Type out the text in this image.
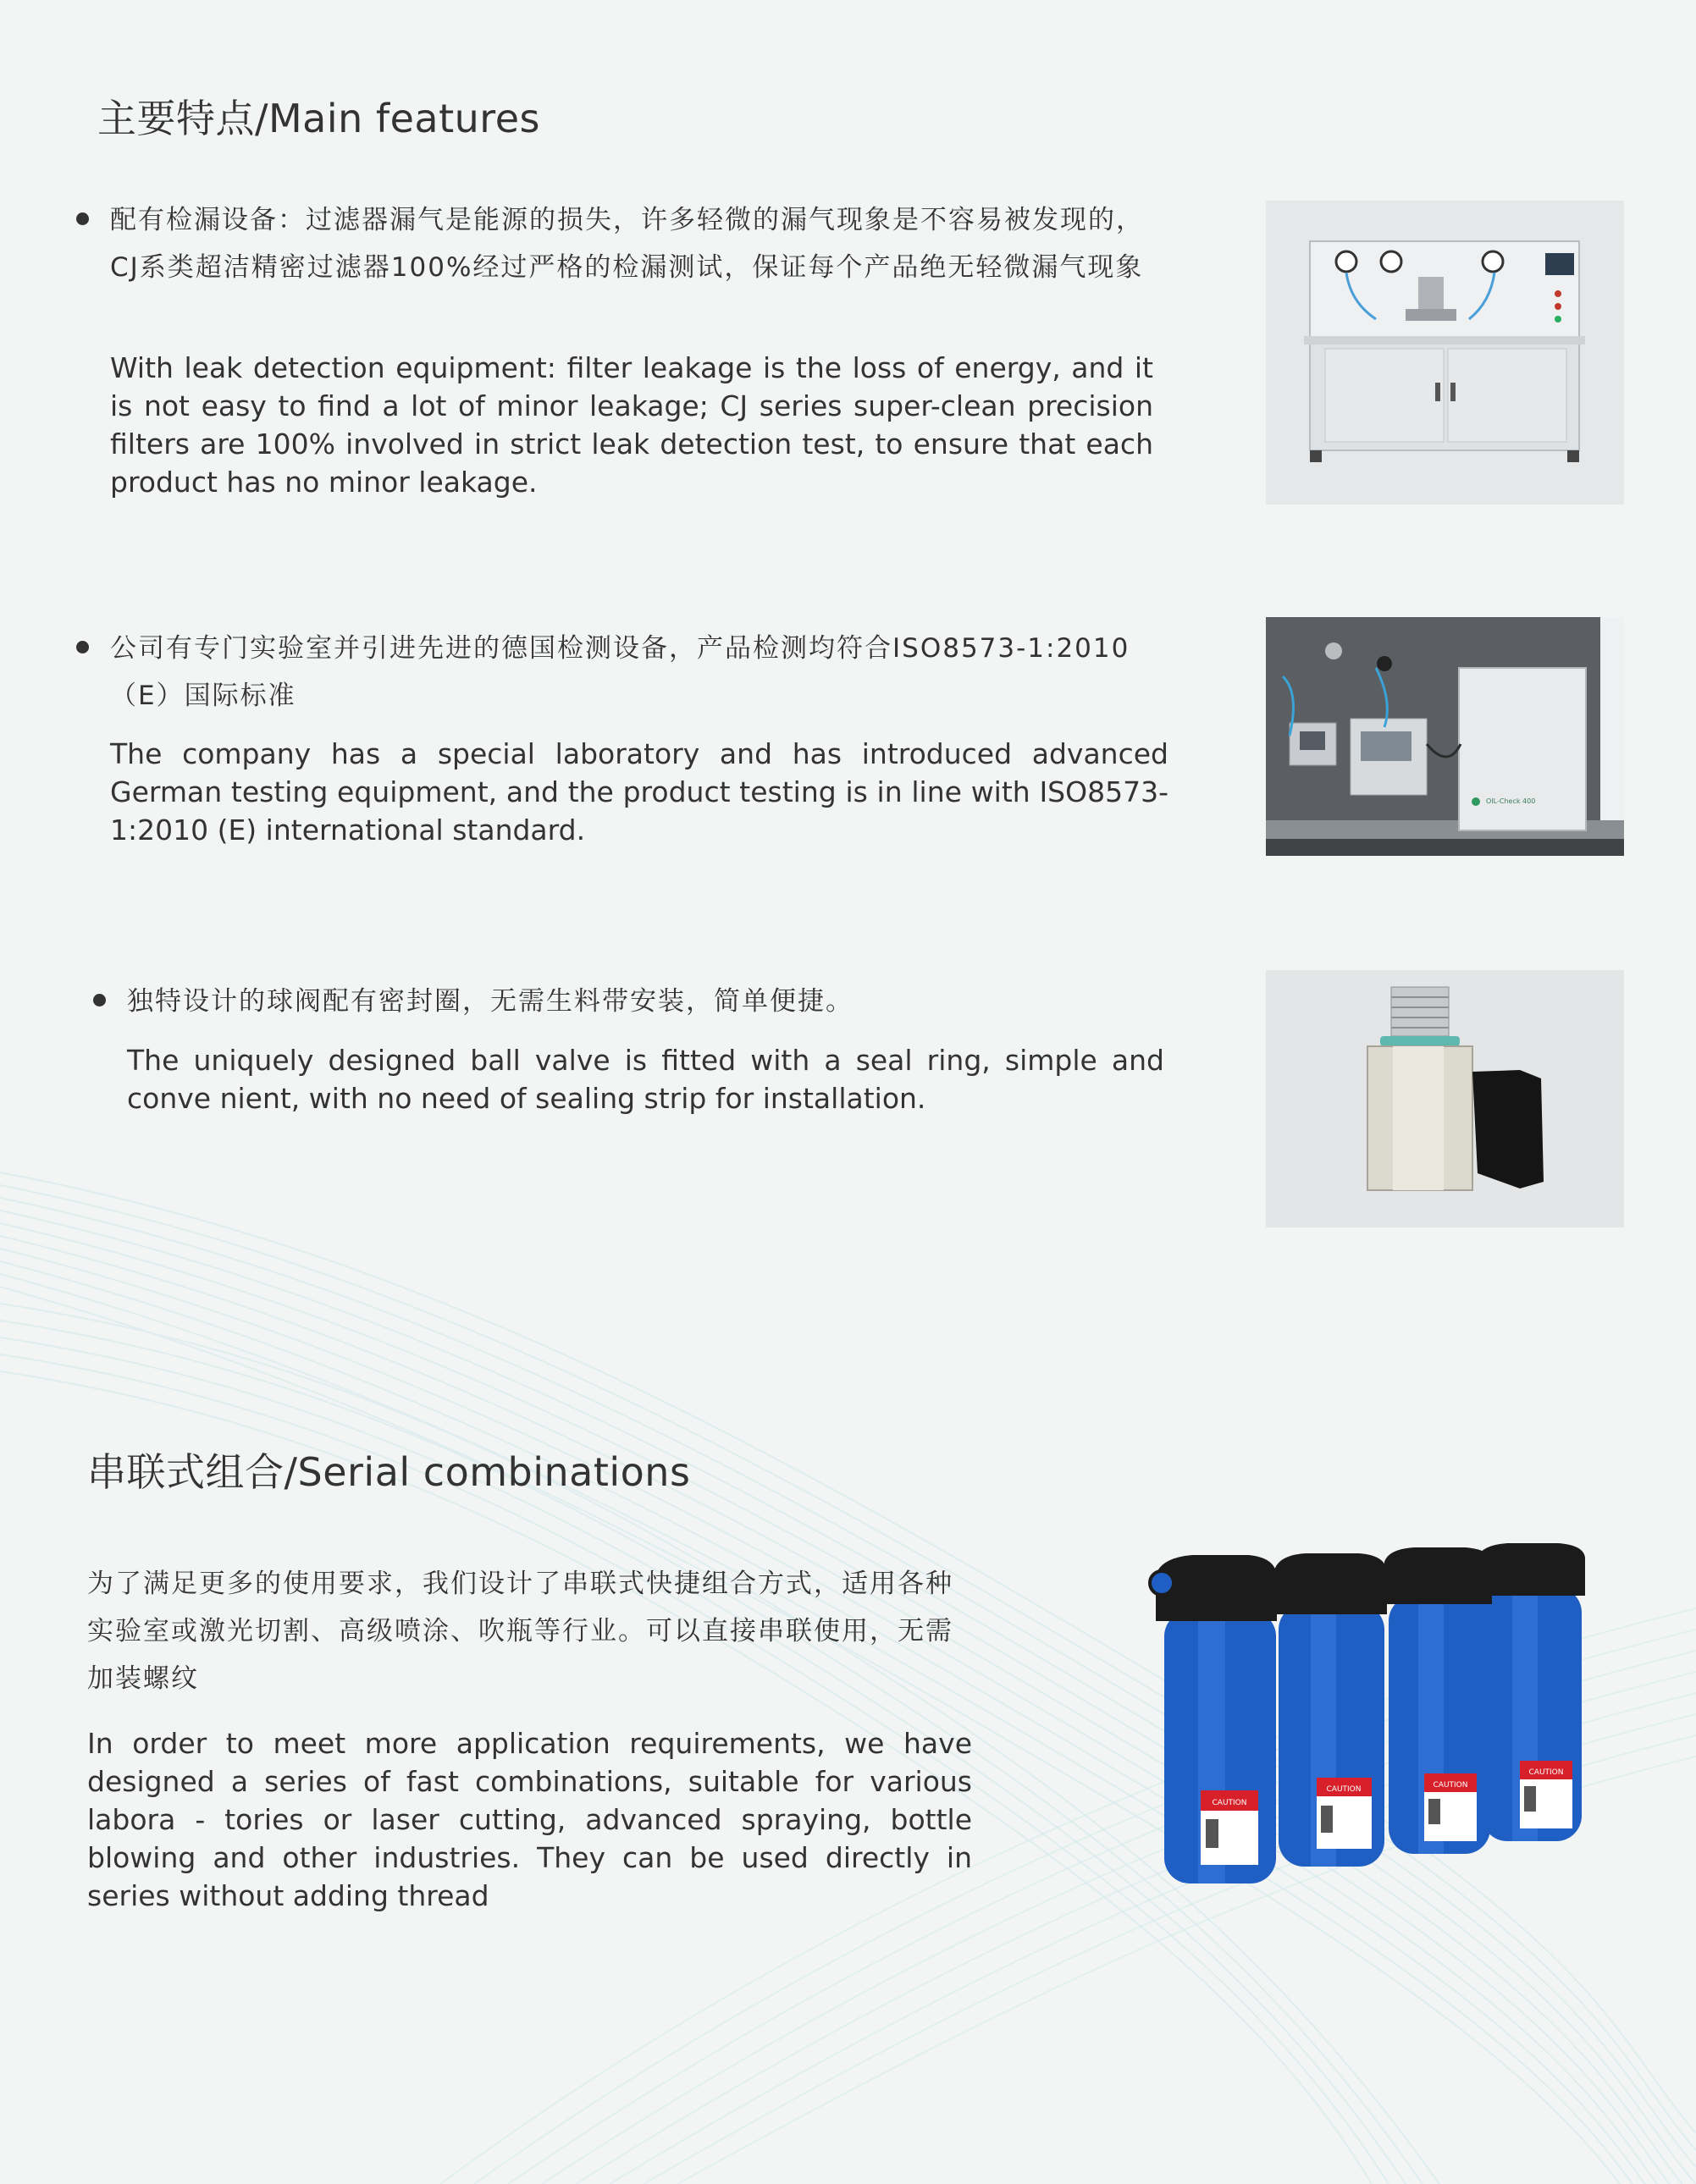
主要特点/Main features
配有检漏设备：过滤器漏气是能源的损失，许多轻微的漏气现象是不容易被发现的，CJ系类超洁精密过滤器100%经过严格的检漏测试，保证每个产品绝无轻微漏气现象
With leak detection equipment: filter leakage is the loss of energy, and it is not easy to find a lot of minor leakage; CJ series super-clean precision filters are 100% involved in strict leak detection test, to ensure that each product has no minor leakage.
公司有专门实验室并引进先进的德国检测设备，产品检测均符合ISO8573-1:2010（E）国际标准
The company has a special laboratory and has introduced advanced German testing equipment, and the product testing is in line with ISO8573-1:2010 (E) international standard.
OIL-Check 400
独特设计的球阀配有密封圈，无需生料带安装，简单便捷。
The uniquely designed ball valve is fitted with a seal ring, simple and conve nient, with no need of sealing strip for installation.
串联式组合/Serial combinations
为了满足更多的使用要求，我们设计了串联式快捷组合方式，适用各种实验室或激光切割、高级喷涂、吹瓶等行业。可以直接串联使用，无需加装螺纹
In order to meet more application requirements, we have designed a series of fast combinations, suitable for various labora - tories or laser cutting, advanced spraying, bottle blowing and other industries. They can be used directly in series without adding thread
CAUTION
CAUTION
CAUTION
CAUTION
